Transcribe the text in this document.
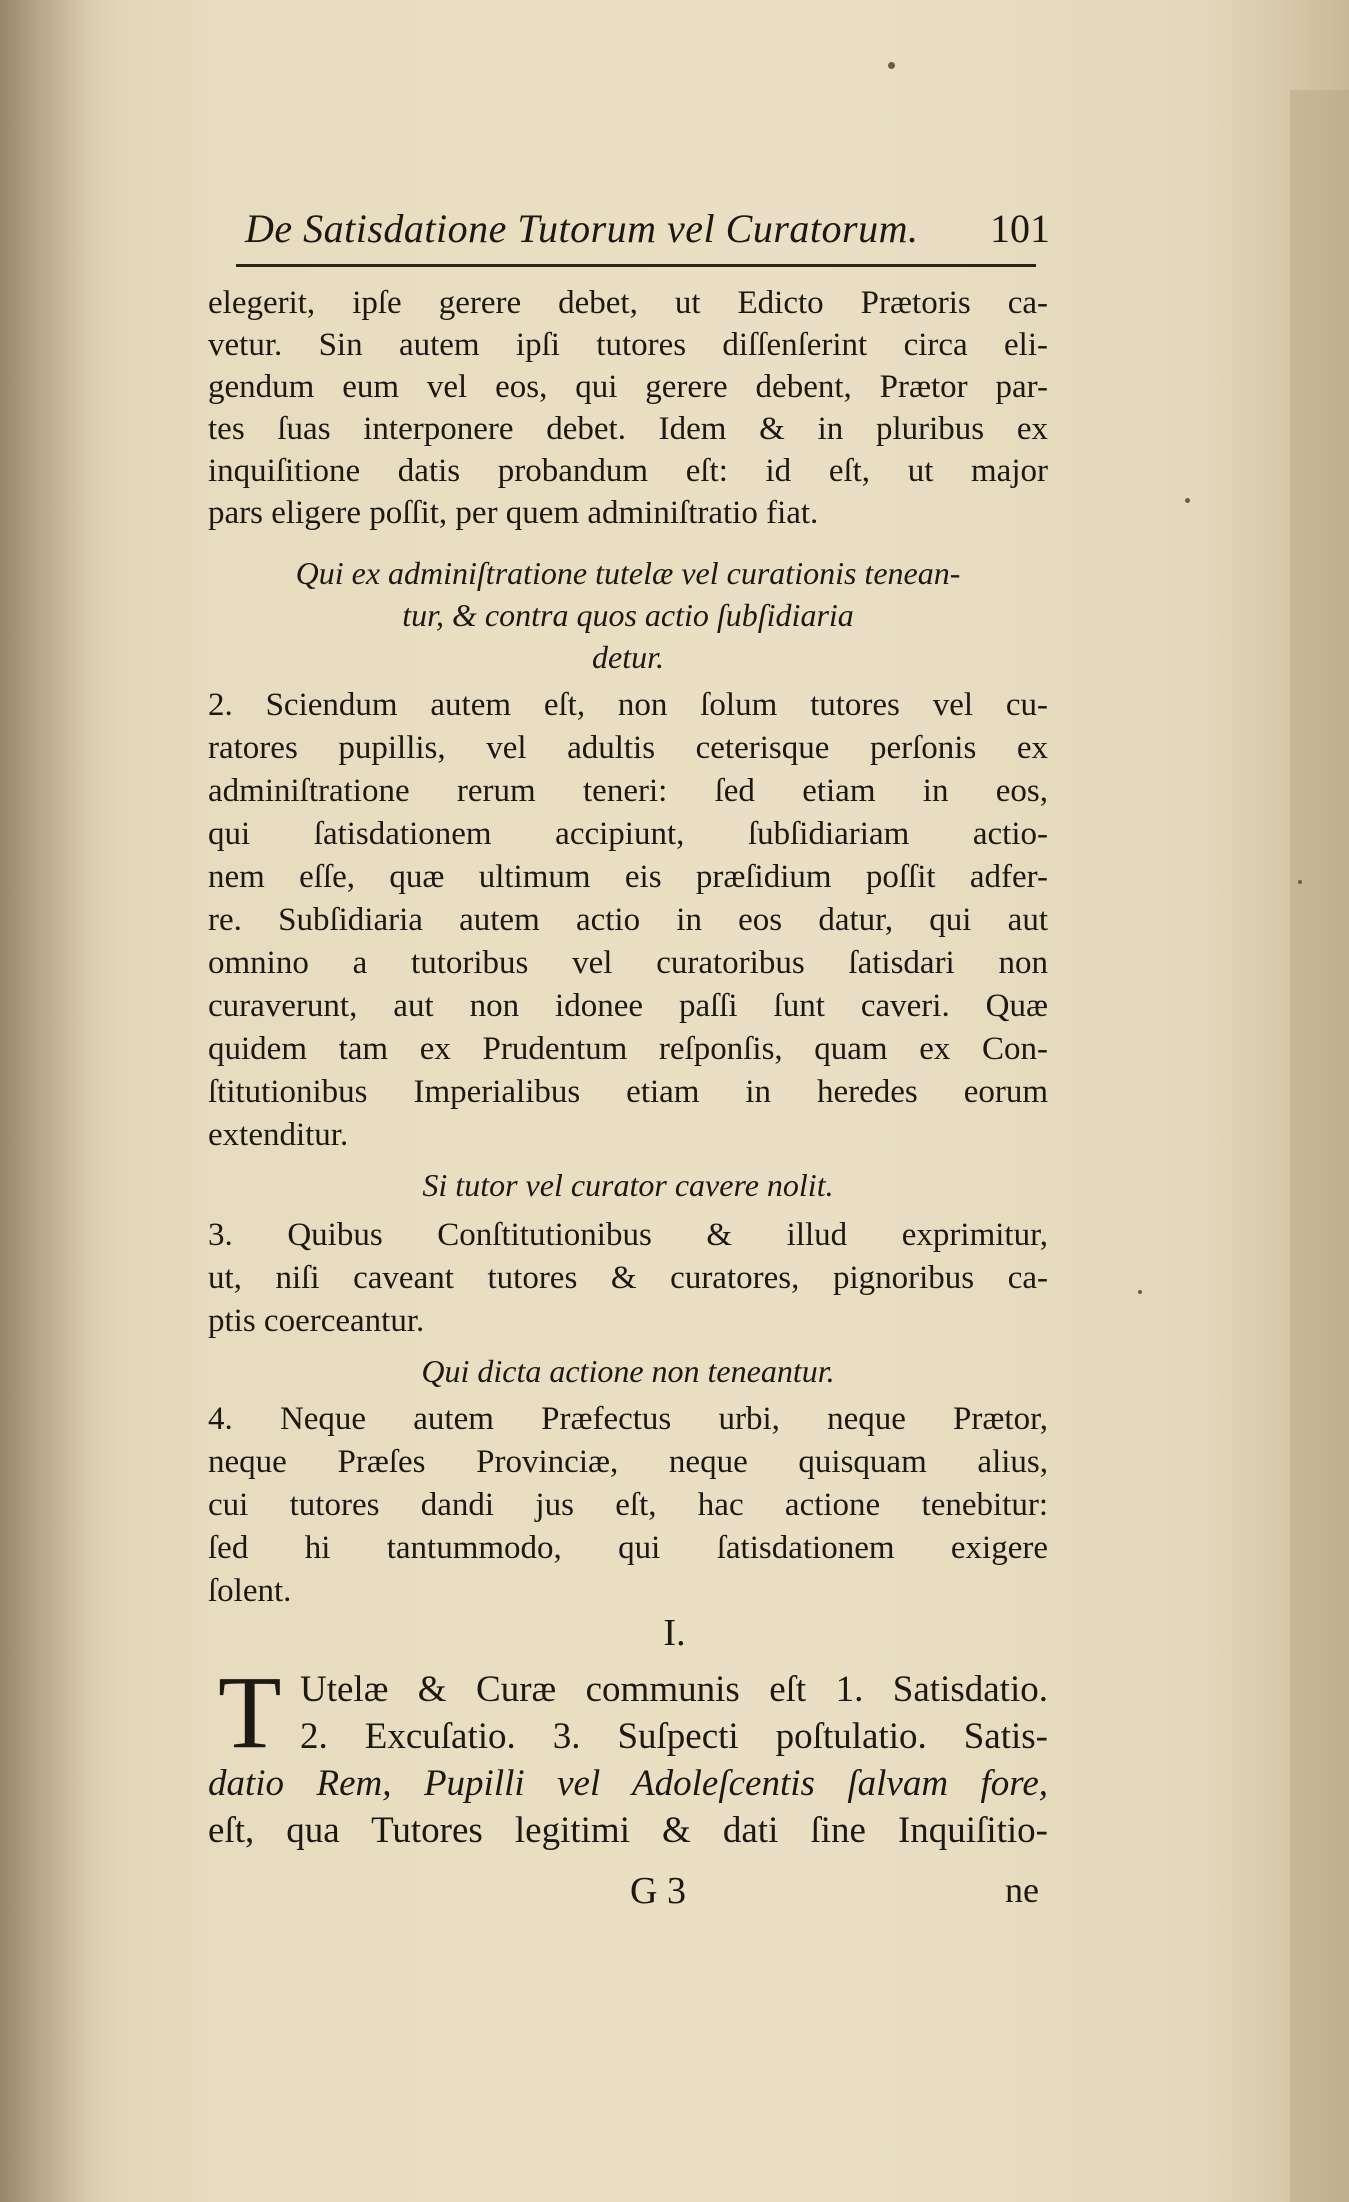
De Satisdatione Tutorum vel Curatorum. 101
elegerit, ipſe gerere debet, ut Edicto Prætoris ca-
vetur. Sin autem ipſi tutores diſſenſerint circa eli-
gendum eum vel eos, qui gerere debent, Prætor par-
tes ſuas interponere debet. Idem & in pluribus ex
inquiſitione datis probandum eſt: id eſt, ut major
pars eligere poſſit, per quem adminiſtratio fiat.
Qui ex adminiſtratione tutelæ vel curationis tenean-
tur, & contra quos actio ſubſidiaria
detur.
2. Sciendum autem eſt, non ſolum tutores vel cu-
ratores pupillis, vel adultis ceterisque perſonis ex
adminiſtratione rerum teneri: ſed etiam in eos,
qui ſatisdationem accipiunt, ſubſidiariam actio-
nem eſſe, quæ ultimum eis præſidium poſſit adfer-
re. Subſidiaria autem actio in eos datur, qui aut
omnino a tutoribus vel curatoribus ſatisdari non
curaverunt, aut non idonee paſſi ſunt caveri. Quæ
quidem tam ex Prudentum reſponſis, quam ex Con-
ſtitutionibus Imperialibus etiam in heredes eorum
extenditur.
Si tutor vel curator cavere nolit.
3. Quibus Conſtitutionibus & illud exprimitur,
ut, niſi caveant tutores & curatores, pignoribus ca-
ptis coerceantur.
Qui dicta actione non teneantur.
4. Neque autem Præfectus urbi, neque Prætor,
neque Præſes Provinciæ, neque quisquam alius,
cui tutores dandi jus eſt, hac actione tenebitur:
ſed hi tantummodo, qui ſatisdationem exigere
ſolent.
I.
T Utelæ & Curæ communis eſt 1. Satisdatio.
2. Excuſatio. 3. Suſpecti poſtulatio. Satis-
datio Rem, Pupilli vel Adoleſcentis ſalvam fore,
eſt, qua Tutores legitimi & dati ſine Inquiſitio-
G 3	ne
